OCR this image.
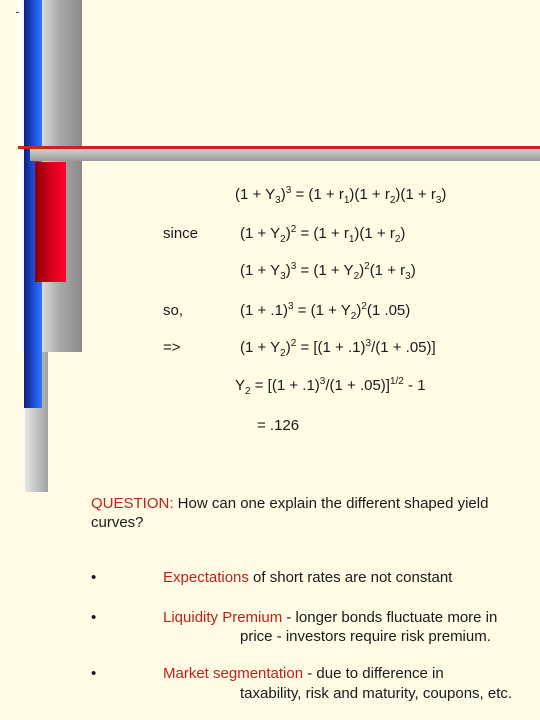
$(1 + Y_3)^3 = (1 + r_1)(1 + r_2)(1 + r_3)$
since	$(1 + Y_2)^2 = (1 + r_1)(1 + r_2)$
$(1 + Y_3)^3 = (1 + Y_2)^2(1 + r_3)$
so,	$(1 + .1)^3 = (1 + Y_2)^2(1$ .05)
=>	$(1 + Y_2)^2 = [(1 + .1)^3/(1 + .05)]$
$Y_2 = [(1 + .1)^3/(1 + .05)]^{1/2} - 1$
= .126
QUESTION: How can one explain the different shaped yield curves?
•	Expectations of short rates are not constant
•	Liquidity Premium - longer bonds fluctuate more in
price - investors require risk premium.
•	Market segmentation - due to difference in
taxability, risk and maturity, coupons, etc.
